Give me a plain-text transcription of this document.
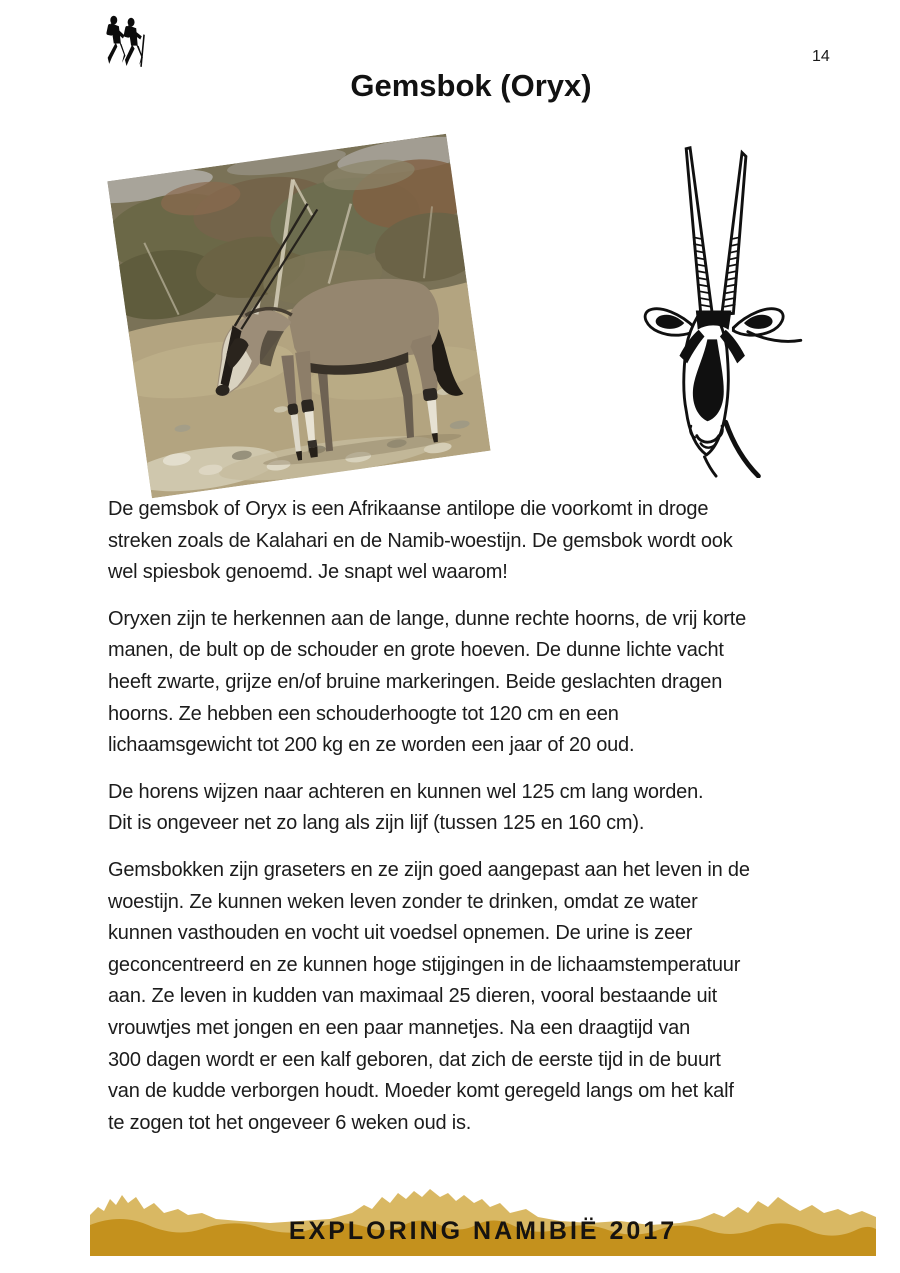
14
Gemsbok (Oryx)
De gemsbok of Oryx is een Afrikaanse antilope die voorkomt in droge
streken zoals de Kalahari en de Namib-woestijn. De gemsbok wordt ook
wel spiesbok genoemd. Je snapt wel waarom!
Oryxen zijn te herkennen aan de lange, dunne rechte hoorns, de vrij korte
manen, de bult op de schouder en grote hoeven. De dunne lichte vacht
heeft zwarte, grijze en/of bruine markeringen. Beide geslachten dragen
hoorns. Ze hebben een schouderhoogte tot 120 cm en een
lichaamsgewicht tot 200 kg en ze worden een jaar of 20 oud.
De horens wijzen naar achteren en kunnen wel 125 cm lang worden.
Dit is ongeveer net zo lang als zijn lijf (tussen 125 en 160 cm).
Gemsbokken zijn graseters en ze zijn goed aangepast aan het leven in de
woestijn. Ze kunnen weken leven zonder te drinken, omdat ze water
kunnen vasthouden en vocht uit voedsel opnemen. De urine is zeer
geconcentreerd en ze kunnen hoge stijgingen in de lichaamstemperatuur
aan. Ze leven in kudden van maximaal 25 dieren, vooral bestaande uit
vrouwtjes met jongen en een paar mannetjes. Na een draagtijd van
300 dagen wordt er een kalf geboren, dat zich de eerste tijd in de buurt
van de kudde verborgen houdt. Moeder komt geregeld langs om het kalf
te zogen tot het ongeveer 6 weken oud is.
EXPLORING NAMIBIË 2017
